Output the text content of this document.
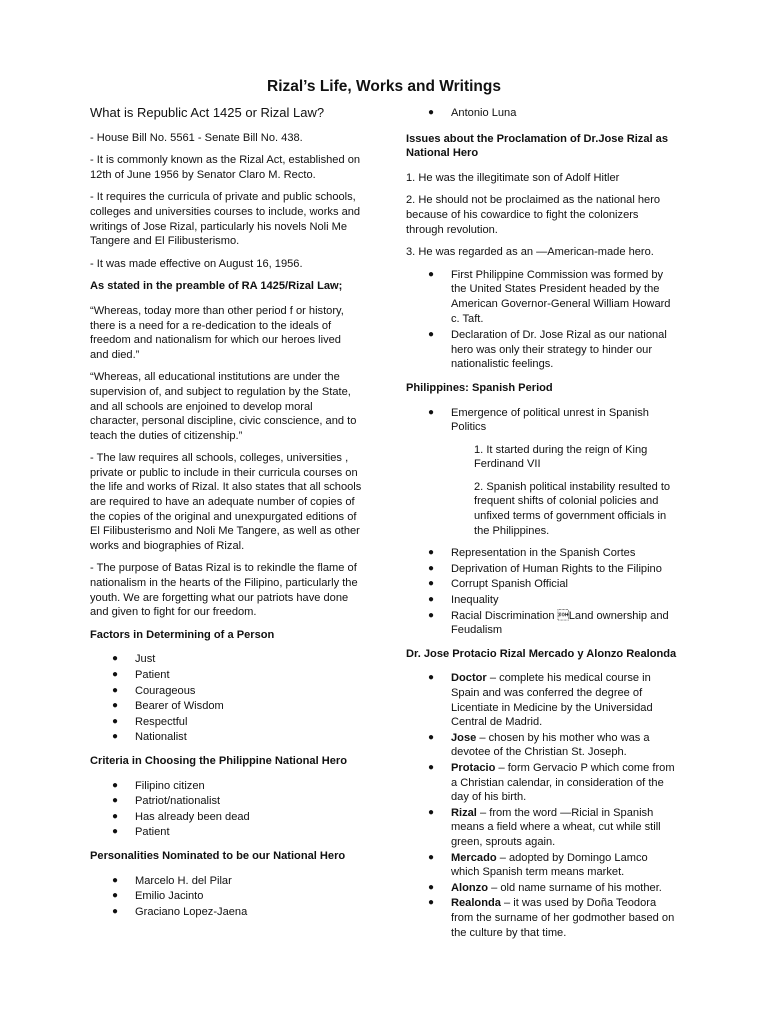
Rizal’s Life, Works and Writings

What is Republic Act 1425 or Rizal Law?

- House Bill No. 5561 - Senate Bill No. 438.

- It is commonly known as the Rizal Act, established on 12th of June 1956 by Senator Claro M. Recto.

- It requires the curricula of private and public schools, colleges and universities courses to include, works and writings of Jose Rizal, particularly his novels Noli Me Tangere and El Filibusterismo.

- It was made effective on August 16, 1956.

As stated in the preamble of RA 1425/Rizal Law;

“Whereas, today more than other period f or history, there is a need for a re-dedication to the ideals of freedom and nationalism for which our heroes lived and died.”

“Whereas, all educational institutions are under the supervision of, and subject to regulation by the State, and all schools are enjoined to develop moral character, personal discipline, civic conscience, and to teach the duties of citizenship.”

- The law requires all schools, colleges, universities , private or public to include in their curricula courses on the life and works of Rizal. It also states that all schools are required to have an adequate number of copies of the copies of the original and unexpurgated editions of El Filibusterismo and Noli Me Tangere, as well as other works and biographies of Rizal.

- The purpose of Batas Rizal is to rekindle the flame of nationalism in the hearts of the Filipino, particularly the youth. We are forgetting what our patriots have done and given to fight for our freedom.

Factors in Determining of a Person

● Just
● Patient
● Courageous
● Bearer of Wisdom
● Respectful
● Nationalist

Criteria in Choosing the Philippine National Hero

● Filipino citizen
● Patriot/nationalist
● Has already been dead
● Patient

Personalities Nominated to be our National Hero

● Marcelo H. del Pilar
● Emilio Jacinto
● Graciano Lopez-Jaena
● Antonio Luna

Issues about the Proclamation of Dr.Jose Rizal as National Hero

1. He was the illegitimate son of Adolf Hitler

2. He should not be proclaimed as the national hero because of his cowardice to fight the colonizers through revolution.

3. He was regarded as an —American-made hero.

● First Philippine Commission was formed by the United States President headed by the American Governor-General William Howard c. Taft.
● Declaration of Dr. Jose Rizal as our national hero was only their strategy to hinder our nationalistic feelings.

Philippines: Spanish Period

● Emergence of political unrest in Spanish Politics

1. It started during the reign of King Ferdinand VII

2. Spanish political instability resulted to frequent shifts of colonial policies and unfixed terms of government officials in the Philippines.

● Representation in the Spanish Cortes
● Deprivation of Human Rights to the Filipino
● Corrupt Spanish Official
● Inequality
● Racial Discrimination Land ownership and Feudalism

Dr. Jose Protacio Rizal Mercado y Alonzo Realonda

● Doctor – complete his medical course in Spain and was conferred the degree of Licentiate in Medicine by the Universidad Central de Madrid.
● Jose – chosen by his mother who was a devotee of the Christian St. Joseph.
● Protacio – form Gervacio P which come from a Christian calendar, in consideration of the day of his birth.
● Rizal – from the word —Ricial in Spanish means a field where a wheat, cut while still green, sprouts again.
● Mercado – adopted by Domingo Lamco which Spanish term means market.
● Alonzo – old name surname of his mother.
● Realonda – it was used by Doña Teodora from the surname of her godmother based on the culture by that time.
